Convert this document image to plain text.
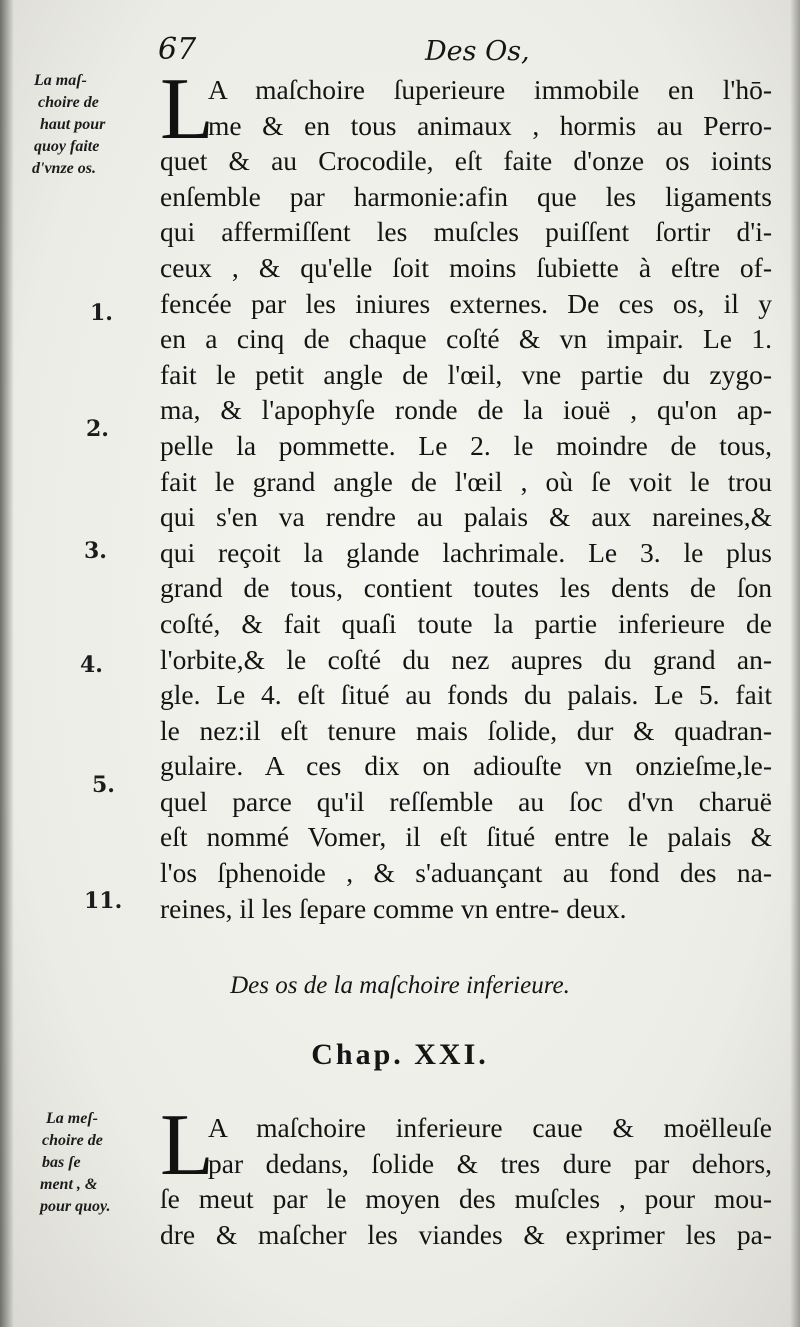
67	Des Os,
La maſ-
choire de
haut pour
quoy faite
d'vnze os.
1.
2.
3.
4.
5.
11.
L
A maſchoire ſuperieure immobile en l'hō-
me & en tous animaux , hormis au Perro-
quet & au Crocodile, eſt faite d'onze os ioints
enſemble par harmonie:afin que les ligaments
qui affermiſſent les muſcles puiſſent ſortir d'i-
ceux , & qu'elle ſoit moins ſubiette à eſtre of-
fencée par les iniures externes. De ces os, il y
en a cinq de chaque coſté & vn impair. Le 1.
fait le petit angle de l'œil, vne partie du zygo-
ma, & l'apophyſe ronde de la iouë , qu'on ap-
pelle la pommette. Le 2. le moindre de tous,
fait le grand angle de l'œil , où ſe voit le trou
qui s'en va rendre au palais & aux nareines,&
qui reçoit la glande lachrimale. Le 3. le plus
grand de tous, contient toutes les dents de ſon
coſté, & fait quaſi toute la partie inferieure de
l'orbite,& le coſté du nez aupres du grand an-
gle. Le 4. eſt ſitué au fonds du palais. Le 5. fait
le nez:il eſt tenure mais ſolide, dur & quadran-
gulaire. A ces dix on adiouſte vn onzieſme,le-
quel parce qu'il reſſemble au ſoc d'vn charuë
eſt nommé Vomer, il eſt ſitué entre le palais &
l'os ſphenoide , & s'aduançant au fond des na-
reines, il les ſepare comme vn entre- deux.
Des os de la maſchoire inferieure.
Chap. XXI.
La meſ-
choire de
bas ſe
ment , &
pour quoy.
L
A maſchoire inferieure caue & moëlleuſe
par dedans, ſolide & tres dure par dehors,
ſe meut par le moyen des muſcles , pour mou-
dre & maſcher les viandes & exprimer les pa-
